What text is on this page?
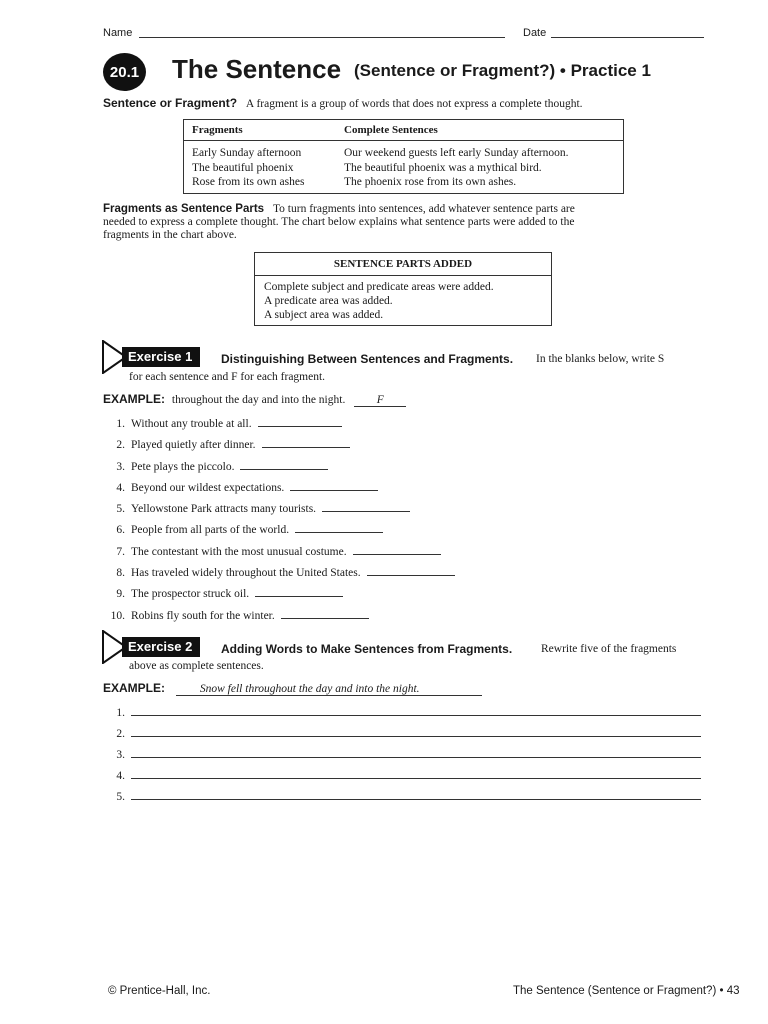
Name	Date
20.1 The Sentence (Sentence or Fragment?) • Practice 1
Sentence or Fragment? A fragment is a group of words that does not express a complete thought.
Fragments	Complete Sentences
Early Sunday afternoon	Our weekend guests left early Sunday afternoon.
The beautiful phoenix	The beautiful phoenix was a mythical bird.
Rose from its own ashes	The phoenix rose from its own ashes.
Fragments as Sentence Parts To turn fragments into sentences, add whatever sentence parts are
needed to express a complete thought. The chart below explains what sentence parts were added to the
fragments in the chart above.
SENTENCE PARTS ADDED
Complete subject and predicate areas were added.
A predicate area was added.
A subject area was added.
Exercise 1	Distinguishing Between Sentences and Fragments. In the blanks below, write S
for each sentence and F for each fragment.
EXAMPLE: throughout the day and into the night.	F
1. Without any trouble at all.
2. Played quietly after dinner.
3. Pete plays the piccolo.
4. Beyond our wildest expectations.
5. Yellowstone Park attracts many tourists.
6. People from all parts of the world.
7. The contestant with the most unusual costume.
8. Has traveled widely throughout the United States.
9. The prospector struck oil.
10. Robins fly south for the winter.
Exercise 2	Adding Words to Make Sentences from Fragments.	Rewrite five of the fragments
above as complete sentences.
EXAMPLE:	Snow fell throughout the day and into the night.
1.
2.
3.
4.
5.
© Prentice-Hall, Inc.	The Sentence (Sentence or Fragment?) • 43
